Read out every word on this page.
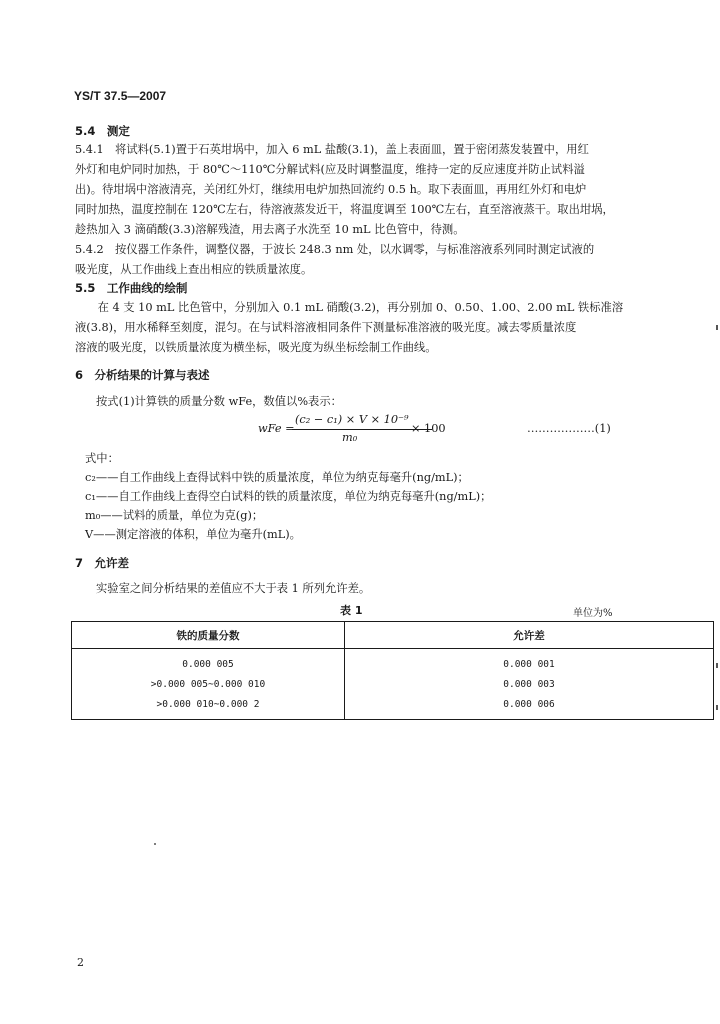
YS/T 37.5—2007
5.4　测定
5.4.1　将试料(5.1)置于石英坩埚中，加入 6 mL 盐酸(3.1)，盖上表面皿，置于密闭蒸发装置中，用红
外灯和电炉同时加热，于 80℃～110℃分解试料(应及时调整温度，维持一定的反应速度并防止试料溢
出)。待坩埚中溶液清亮，关闭红外灯，继续用电炉加热回流约 0.5 h。取下表面皿，再用红外灯和电炉
同时加热，温度控制在 120℃左右，待溶液蒸发近干，将温度调至 100℃左右，直至溶液蒸干。取出坩埚，
趁热加入 3 滴硝酸(3.3)溶解残渣，用去离子水洗至 10 mL 比色管中，待测。
5.4.2　按仪器工作条件，调整仪器，于波长 248.3 nm 处，以水调零，与标准溶液系列同时测定试液的
吸光度，从工作曲线上查出相应的铁质量浓度。
5.5　工作曲线的绘制
　　在 4 支 10 mL 比色管中，分别加入 0.1 mL 硝酸(3.2)，再分别加 0、0.50、1.00、2.00 mL 铁标准溶
液(3.8)，用水稀释至刻度，混匀。在与试料溶液相同条件下测量标准溶液的吸光度。减去零质量浓度
溶液的吸光度，以铁质量浓度为横坐标，吸光度为纵坐标绘制工作曲线。
6　分析结果的计算与表述
按式(1)计算铁的质量分数 wFe，数值以%表示：
wFe =
(c₂ − c₁) × V × 10⁻⁹
m₀
× 100	………………(1)
式中：
c₂——自工作曲线上查得试料中铁的质量浓度，单位为纳克每毫升(ng/mL)；
c₁——自工作曲线上查得空白试料的铁的质量浓度，单位为纳克每毫升(ng/mL)；
m₀——试料的质量，单位为克(g)；
V——测定溶液的体积，单位为毫升(mL)。
7　允许差
实验室之间分析结果的差值应不大于表 1 所列允许差。
表 1	单位为%
铁的质量分数	允许差
0.000 005	0.000 001
>0.000 005~0.000 010	0.000 003
>0.000 010~0.000 2	0.000 006
2
